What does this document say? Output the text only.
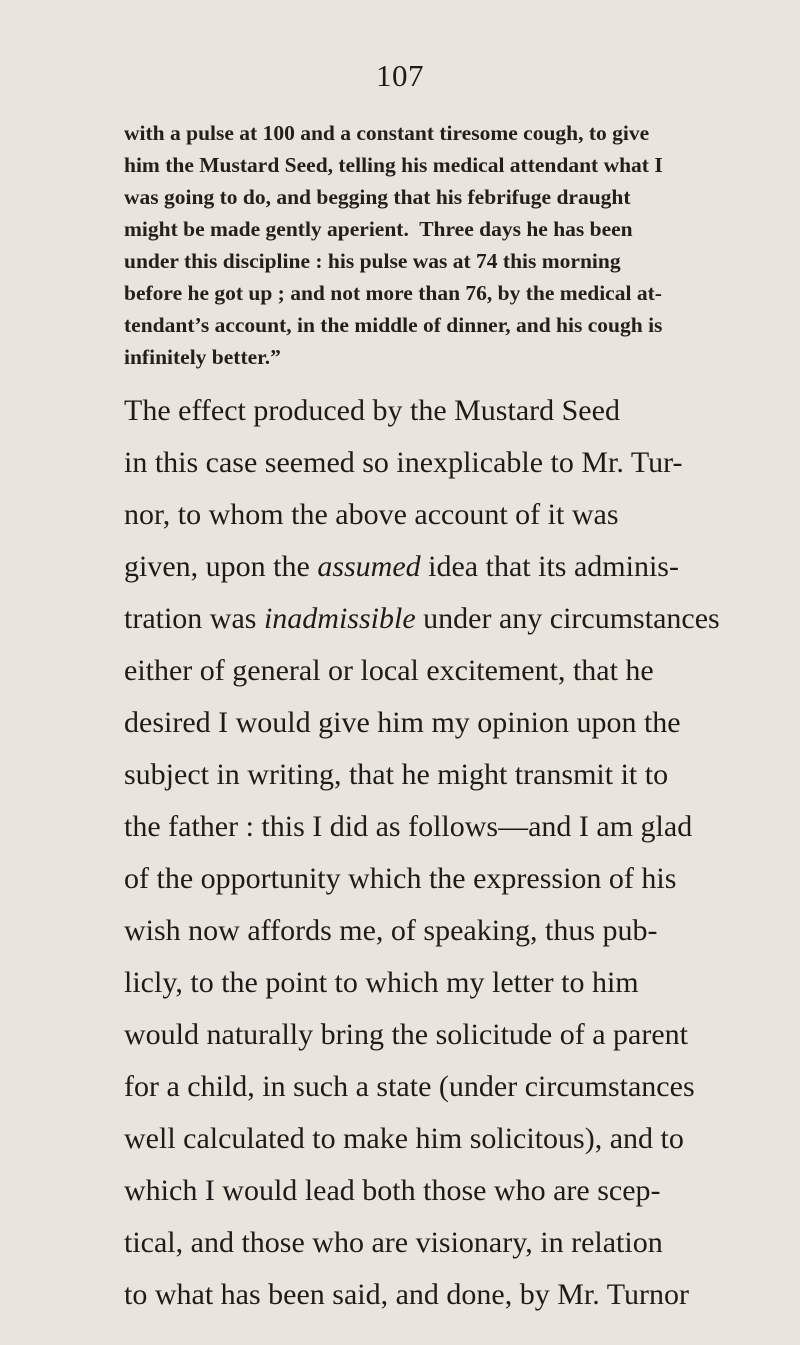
107
with a pulse at 100 and a constant tiresome cough, to give
him the Mustard Seed, telling his medical attendant what I
was going to do, and begging that his febrifuge draught
might be made gently aperient.  Three days he has been
under this discipline : his pulse was at 74 this morning
before he got up ; and not more than 76, by the medical at-
tendant’s account, in the middle of dinner, and his cough is
infinitely better.”
The effect produced by the Mustard Seed
in this case seemed so inexplicable to Mr. Tur-
nor, to whom the above account of it was
given, upon the assumed idea that its adminis-
tration was inadmissible under any circumstances
either of general or local excitement, that he
desired I would give him my opinion upon the
subject in writing, that he might transmit it to
the father : this I did as follows—and I am glad
of the opportunity which the expression of his
wish now affords me, of speaking, thus pub-
licly, to the point to which my letter to him
would naturally bring the solicitude of a parent
for a child, in such a state (under circumstances
well calculated to make him solicitous), and to
which I would lead both those who are scep-
tical, and those who are visionary, in relation
to what has been said, and done, by Mr. Turnor
